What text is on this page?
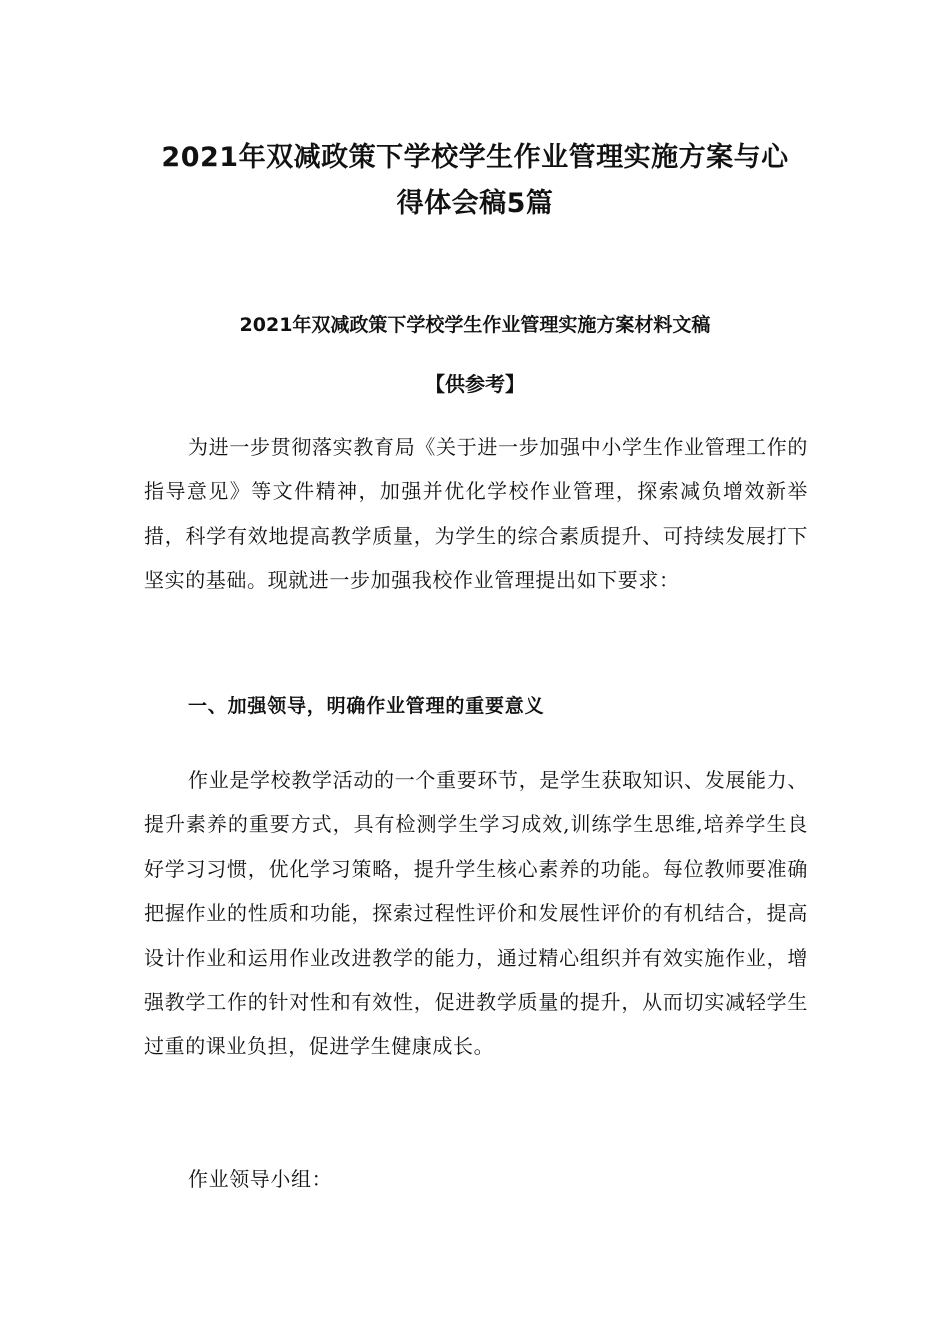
2021年双减政策下学校学生作业管理实施方案与心
得体会稿5篇
2021年双减政策下学校学生作业管理实施方案材料文稿
【供参考】

为进一步贯彻落实教育局《关于进一步加强中小学生作业管理工作的指导意见》等文件精神，加强并优化学校作业管理，探索减负增效新举措，科学有效地提高教学质量，为学生的综合素质提升、可持续发展打下坚实的基础。现就进一步加强我校作业管理提出如下要求：

一、加强领导，明确作业管理的重要意义

作业是学校教学活动的一个重要环节，是学生获取知识、发展能力、提升素养的重要方式，具有检测学生学习成效,训练学生思维,培养学生良好学习习惯，优化学习策略，提升学生核心素养的功能。每位教师要准确把握作业的性质和功能，探索过程性评价和发展性评价的有机结合，提高设计作业和运用作业改进教学的能力，通过精心组织并有效实施作业，增强教学工作的针对性和有效性，促进教学质量的提升，从而切实减轻学生过重的课业负担，促进学生健康成长。

作业领导小组：
